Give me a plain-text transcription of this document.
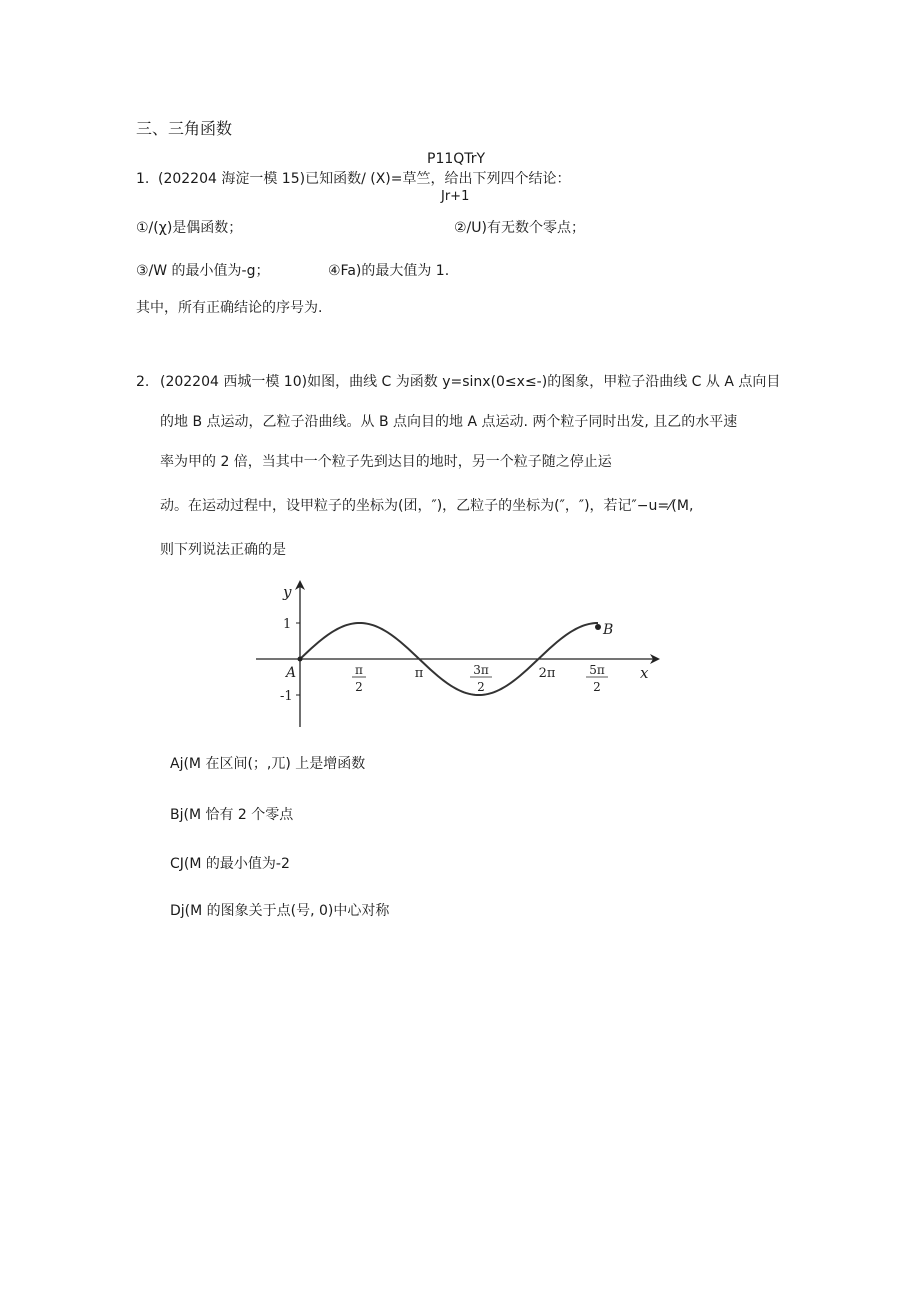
三、三角函数
P11QTrY
1. (202204 海淀一模 15)已知函数/ (X)=草竺，给出下列四个结论：
Jr+1
①/(χ)是偶函数；	②/U)有无数个零点；
③/W 的最小值为-g；	④Fa)的最大值为 1.
其中，所有正确结论的序号为.
2. (202204 西城一模 10)如图，曲线 C 为函数 y=sinx(0≤x≤-)的图象，甲粒子沿曲线 C 从 A 点向目
的地 B 点运动，乙粒子沿曲线。从 B 点向目的地 A 点运动. 两个粒子同时出发, 且乙的水平速
率为甲的 2 倍，当其中一个粒子先到达目的地时，另一个粒子随之停止运
动。在运动过程中，设甲粒子的坐标为(团，″)，乙粒子的坐标为(″，″)，若记″−u=⁄(M,
则下列说法正确的是
y
x
1
-1
A
B
π
2
π	3π
2
2π	5π
2
Aj(M 在区间(；,兀) 上是增函数
Bj(M 恰有 2 个零点
CJ(M 的最小值为-2
Dj(M 的图象关于点(号, 0)中心对称
